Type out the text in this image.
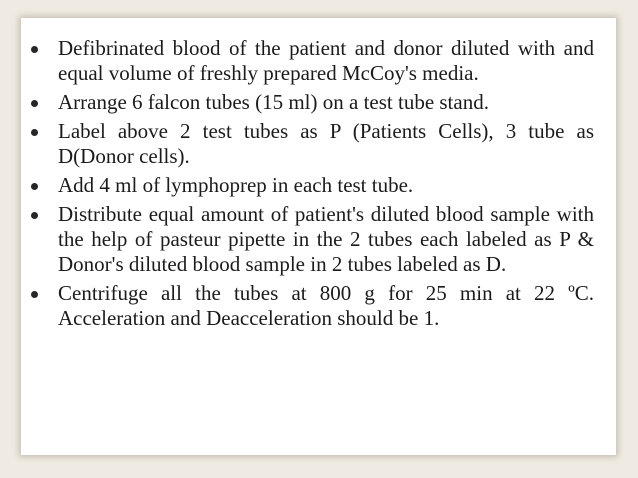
Defibrinated blood of the patient and donor diluted with and equal volume of freshly prepared McCoy's media.
Arrange 6 falcon tubes (15 ml) on a test tube stand.
Label above 2 test tubes as P (Patients Cells), 3 tube as D(Donor cells).
Add 4 ml of lymphoprep in each test tube.
Distribute equal amount of patient's diluted blood sample with the help of pasteur pipette in the 2 tubes each labeled as P & Donor's diluted blood sample in 2 tubes labeled as D.
Centrifuge all the tubes at 800 g for 25 min at 22 ºC. Acceleration and Deacceleration should be 1.
